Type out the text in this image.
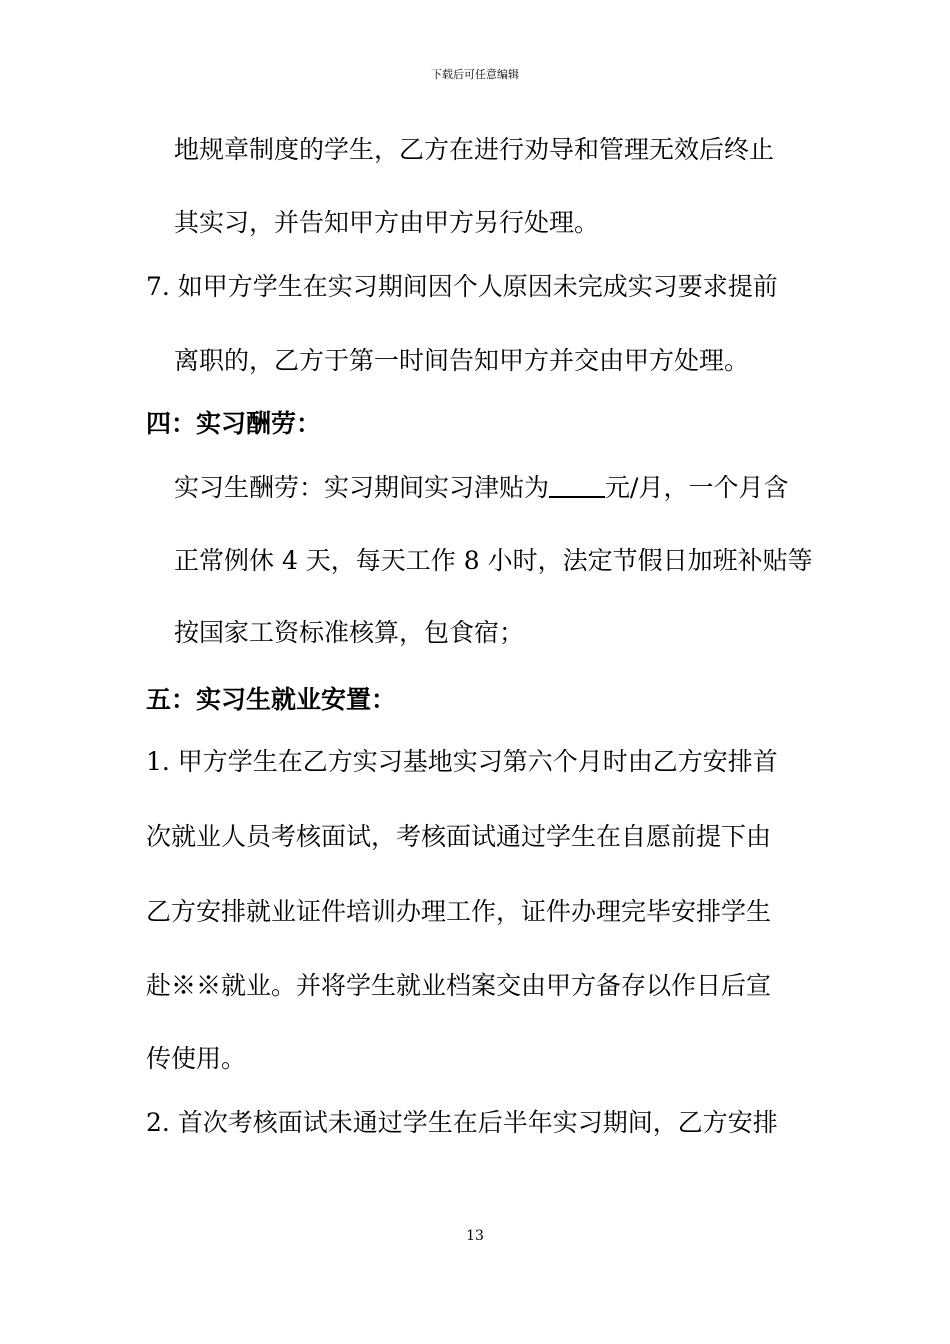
下载后可任意编辑
地规章制度的学生，乙方在进行劝导和管理无效后终止
其实习，并告知甲方由甲方另行处理。
7. 如甲方学生在实习期间因个人原因未完成实习要求提前
离职的，乙方于第一时间告知甲方并交由甲方处理。
四：实习酬劳：
实习生酬劳：实习期间实习津贴为 元/月，一个月含
正常例休 4 天，每天工作 8 小时，法定节假日加班补贴等
按国家工资标准核算，包食宿；
五：实习生就业安置：
1. 甲方学生在乙方实习基地实习第六个月时由乙方安排首
次就业人员考核面试，考核面试通过学生在自愿前提下由
乙方安排就业证件培训办理工作，证件办理完毕安排学生
赴※※就业。并将学生就业档案交由甲方备存以作日后宣
传使用。
2. 首次考核面试未通过学生在后半年实习期间，乙方安排
13
